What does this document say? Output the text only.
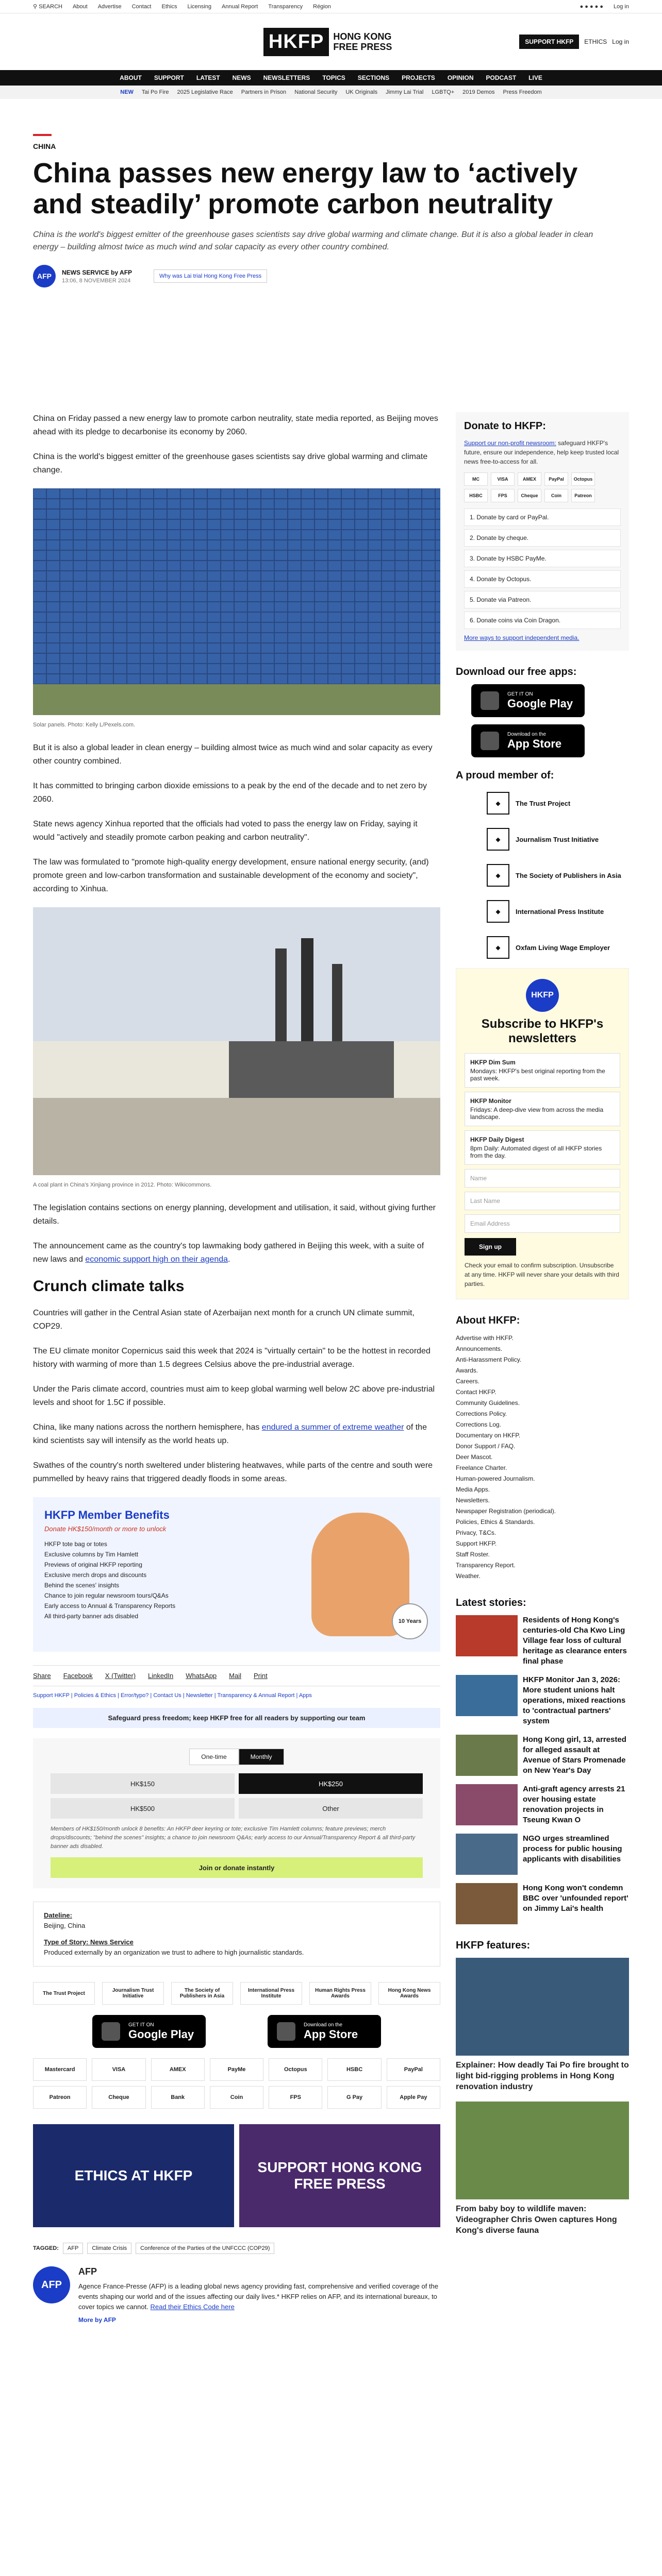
⚲ SEARCH About Advertise Contact Ethics Licensing Annual Report Transparency Région	● ● ● ● ● Log in
HKFP	HONG KONG
FREE PRESS	SUPPORT HKFP	ETHICS Log in
ABOUT SUPPORT LATEST NEWS NEWSLETTERS TOPICS SECTIONS PROJECTS OPINION PODCAST LIVE
NEW Tai Po Fire 2025 Legislative Race Partners in Prison National Security UK Originals Jimmy Lai Trial LGBTQ+ 2019 Demos Press Freedom
CHINA
China passes new energy law to ‘actively and steadily’ promote carbon neutrality
China is the world's biggest emitter of the greenhouse gases scientists say drive global warming and climate change. But it is also a global leader in clean energy – building almost twice as much wind and solar capacity as every other country combined.
AFP	NEWS SERVICE by AFP
13:06, 8 NOVEMBER 2024
Why was Lai trial Hong Kong Free Press

China on Friday passed a new energy law to promote carbon neutrality, state media reported, as Beijing moves ahead with its pledge to decarbonise its economy by 2060.

China is the world's biggest emitter of the greenhouse gases scientists say drive global warming and climate change.

Solar panels. Photo: Kelly L/Pexels.com.

But it is also a global leader in clean energy – building almost twice as much wind and solar capacity as every other country combined.

It has committed to bringing carbon dioxide emissions to a peak by the end of the decade and to net zero by 2060.

State news agency Xinhua reported that the officials had voted to pass the energy law on Friday, saying it would "actively and steadily promote carbon peaking and carbon neutrality".

The law was formulated to "promote high-quality energy development, ensure national energy security, (and) promote green and low-carbon transformation and sustainable development of the economy and society", according to Xinhua.

A coal plant in China's Xinjiang province in 2012. Photo: Wikicommons.

The legislation contains sections on energy planning, development and utilisation, it said, without giving further details.

The announcement came as the country's top lawmaking body gathered in Beijing this week, with a suite of new laws and economic support high on their agenda.

Crunch climate talks

Countries will gather in the Central Asian state of Azerbaijan next month for a crunch UN climate summit, COP29.

The EU climate monitor Copernicus said this week that 2024 is "virtually certain" to be the hottest in recorded history with warming of more than 1.5 degrees Celsius above the pre-industrial average.

Under the Paris climate accord, countries must aim to keep global warming well below 2C above pre-industrial levels and shoot for 1.5C if possible.

China, like many nations across the northern hemisphere, has endured a summer of extreme weather of the kind scientists say will intensify as the world heats up.

Swathes of the country's north sweltered under blistering heatwaves, while parts of the centre and south were pummelled by heavy rains that triggered deadly floods in some areas.

HKFP Member Benefits
Donate HK$150/month or more to unlock
HKFP tote bag or totes
Exclusive columns by Tim Hamlett
Previews of original HKFP reporting
Exclusive merch drops and discounts
Behind the scenes' insights
Chance to join regular newsroom tours/Q&As
Early access to Annual & Transparency Reports
All third-party banner ads disabled
10 Years
Share Facebook X (Twitter) LinkedIn WhatsApp Mail Print
Support HKFP | Policies & Ethics | Error/typo? | Contact Us | Newsletter | Transparency & Annual Report | Apps
Safeguard press freedom; keep HKFP free for all readers by supporting our team
One-time	Monthly
HK$150	HK$250
HK$500	Other
Members of HK$150/month unlock 8 benefits: An HKFP deer keyring or tote; exclusive Tim Hamlett columns; feature previews; merch drops/discounts; "behind the scenes" insights; a chance to join newsroom Q&As; early access to our Annual/Transparency Report & all third-party banner ads disabled.
Join or donate instantly
Dateline:
Beijing, China
Type of Story: News Service
Produced externally by an organization we trust to adhere to high journalistic standards.
The Trust Project	Journalism Trust Initiative
The Society of Publishers in Asia
International Press Institute
Human Rights Press Awards
Hong Kong News Awards
GET IT ON
Google Play
Download on the
App Store
Mastercard	VISA	AMEX	PayMe	Octopus	HSBC	PayPal
Patreon	Cheque	Bank	Coin	FPS	G Pay	Apple Pay
ETHICS AT HKFP
SUPPORT HONG KONG FREE PRESS
TAGGED:	AFP	Climate Crisis	Conference of the Parties of the UNFCCC (COP29)
AFP
AFP

Agence France-Presse (AFP) is a leading global news agency providing fast, comprehensive and verified coverage of the events shaping our world and of the issues affecting our daily lives.* HKFP relies on AFP, and its international bureaux, to cover topics we cannot. Read their Ethics Code here

More by AFP
Donate to HKFP:

Support our non-profit newsroom: safeguard HKFP's future, ensure our independence, help keep trusted local news free-to-access for all.

MC	VISA	AMEX	PayPal	Octopus
HSBC	FPS	Cheque	Coin	Patreon
1. Donate by card or PayPal.
2. Donate by cheque.
3. Donate by HSBC PayMe.
4. Donate by Octopus.
5. Donate via Patreon.
6. Donate coins via Coin Dragon.

More ways to support independent media.

Download our free apps:
GET IT ON
Google Play
Download on the
App Store
A proud member of:
◆	The Trust Project
◆	Journalism Trust Initiative
◆	The Society of Publishers in Asia
◆	International Press Institute
◆	Oxfam Living Wage Employer
HKFP
Subscribe to HKFP's newsletters
HKFP Dim Sum
Mondays: HKFP's best original reporting from the past week.
HKFP Monitor
Fridays: A deep-dive view from across the media landscape.
HKFP Daily Digest
8pm Daily: Automated digest of all HKFP stories from the day.
Name
Last Name
Email Address
Sign up

Check your email to confirm subscription. Unsubscribe at any time. HKFP will never share your details with third parties.

About HKFP:
Advertise with HKFP.
Announcements.
Anti-Harassment Policy.
Awards.
Careers.
Contact HKFP.
Community Guidelines.
Corrections Policy.
Corrections Log.
Documentary on HKFP.
Donor Support / FAQ.
Deer Mascot.
Freelance Charter.
Human-powered Journalism.
Media Apps.
Newsletters.
Newspaper Registration (periodical).
Policies, Ethics & Standards.
Privacy, T&Cs.
Support HKFP.
Staff Roster.
Transparency Report.
Weather.
Latest stories:
Residents of Hong Kong's centuries-old Cha Kwo Ling Village fear loss of cultural heritage as clearance enters final phase
HKFP Monitor Jan 3, 2026: More student unions halt operations, mixed reactions to 'contractual partners' system
Hong Kong girl, 13, arrested for alleged assault at Avenue of Stars Promenade on New Year's Day
Anti-graft agency arrests 21 over housing estate renovation projects in Tseung Kwan O
NGO urges streamlined process for public housing applicants with disabilities
Hong Kong won't condemn BBC over 'unfounded report' on Jimmy Lai's health
HKFP features:
Explainer: How deadly Tai Po fire brought to light bid-rigging problems in Hong Kong renovation industry
From baby boy to wildlife maven: Videographer Chris Owen captures Hong Kong's diverse fauna
